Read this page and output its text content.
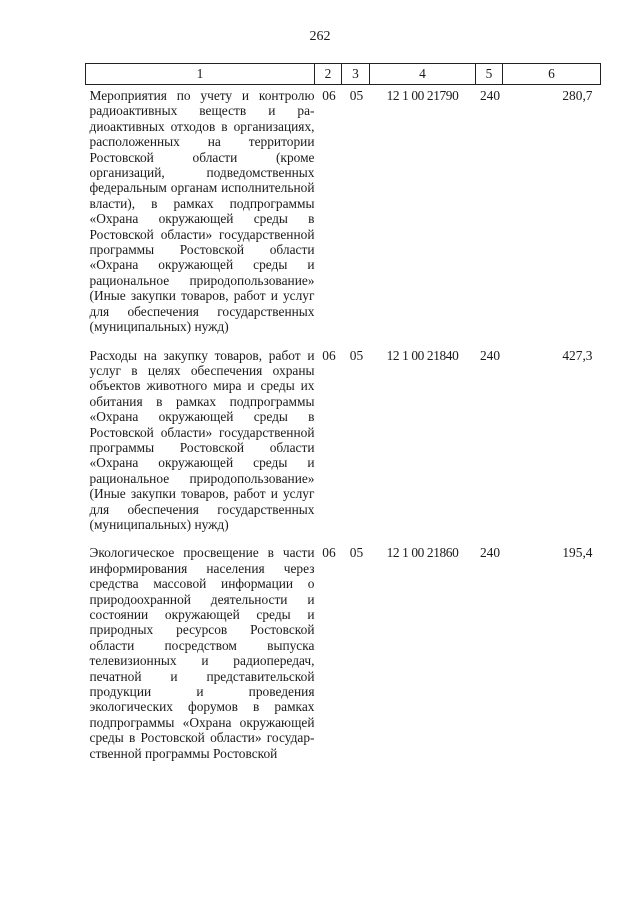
262
1	2	3	4	5	6
Мероприятия по учету и контролю радиоактивных веществ и радиоактивных отходов в организациях, расположенных на территории Ростовской области (кроме организаций, подведомственных федеральным органам исполнительной власти), в рамках подпрограммы «Охрана окружающей среды в Ростовской области» государственной программы Ростовской области «Охрана окружающей среды и рациональное природопользование» (Иные закупки товаров, работ и услуг для обеспечения государственных (муниципальных) нужд)	06	05	12 1 00 21790	240	280,7
Расходы на закупку товаров, работ и услуг в целях обеспечения охраны объектов животного мира и среды их обитания в рамках подпрограммы «Охрана окружающей среды в Ростовской области» государственной программы Ростовской области «Охрана окружающей среды и рациональное природопользование» (Иные закупки товаров, работ и услуг для обеспечения государственных (муниципальных) нужд)	06	05	12 1 00 21840	240	427,3
Экологическое просвещение в части информирования населения через средства массовой информации о природоохранной деятельности и состоянии окружающей среды и природных ресурсов Ростовской области посредством выпуска телевизионных и радиопередач, печатной и представительской продукции и проведения экологических форумов в рамках подпрограммы «Охрана окружающей среды в Ростовской области» государственной программы Ростовской	06	05	12 1 00 21860	240	195,4
